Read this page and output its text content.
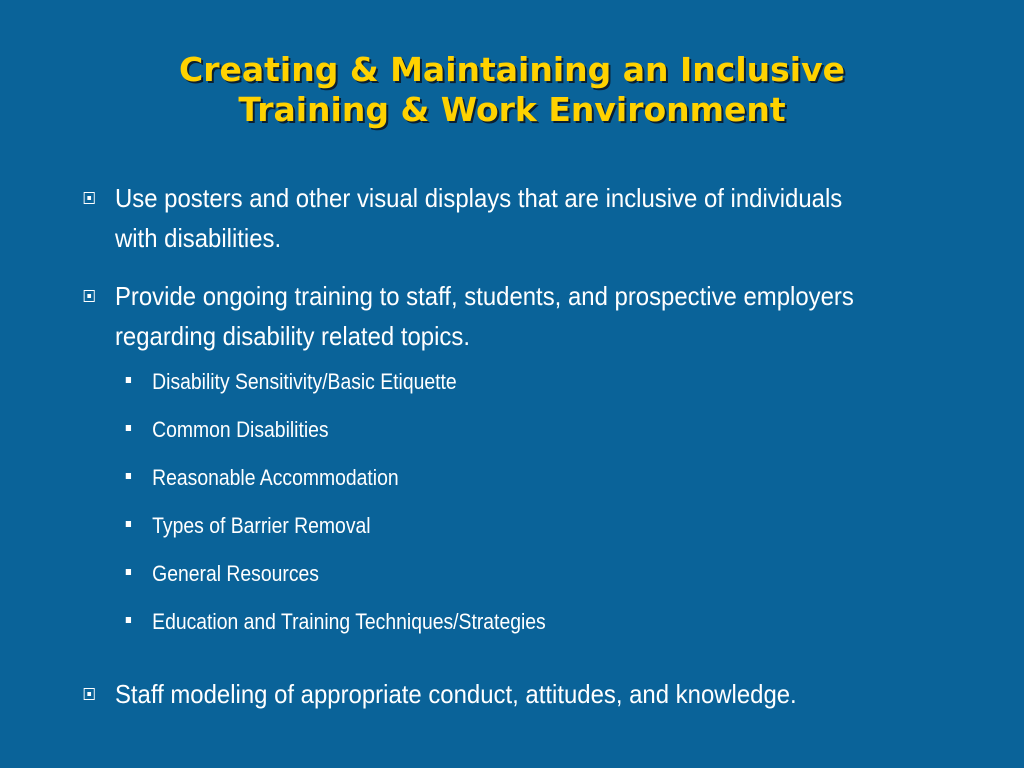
Creating & Maintaining an Inclusive
Training & Work Environment
Use posters and other visual displays that are inclusive of individuals with disabilities.
Provide ongoing training to staff, students, and prospective employers regarding disability related topics.
Disability Sensitivity/Basic Etiquette
Common Disabilities
Reasonable Accommodation
Types of Barrier Removal
General Resources
Education and Training Techniques/Strategies
Staff modeling of appropriate conduct, attitudes, and knowledge.
